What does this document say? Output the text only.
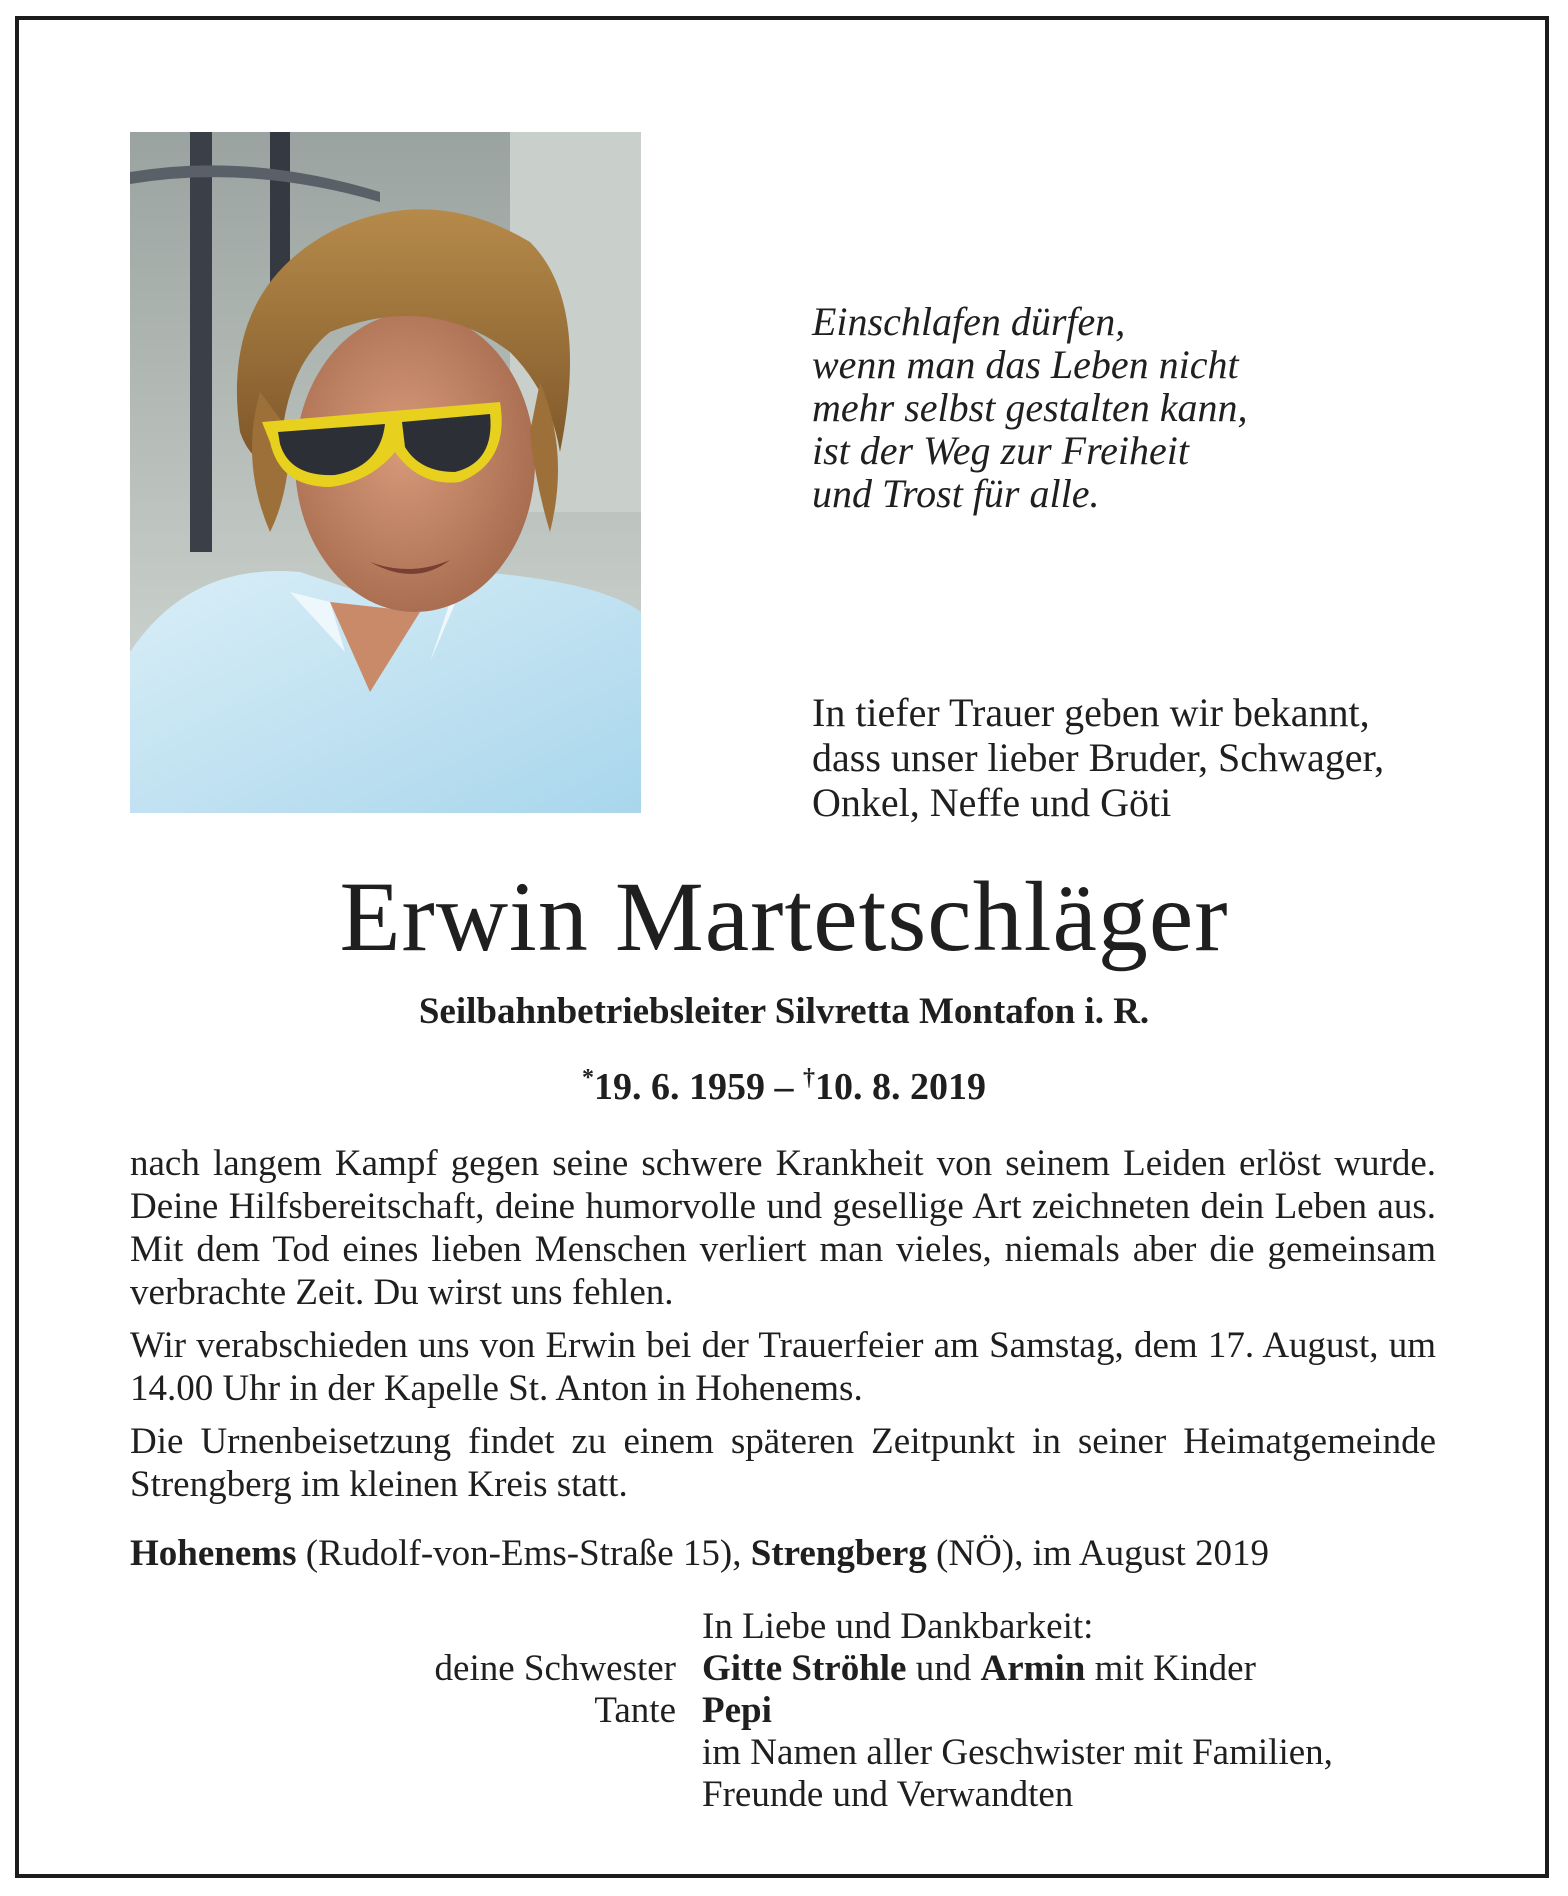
Einschlafen dürfen,
wenn man das Leben nicht
mehr selbst gestalten kann,
ist der Weg zur Freiheit
und Trost für alle.
In tiefer Trauer geben wir bekannt,
dass unser lieber Bruder, Schwager,
Onkel, Neffe und Göti
Erwin Martetschläger
Seilbahnbetriebsleiter Silvretta Montafon i. R.
*19. 6. 1959 – †10. 8. 2019

nach langem Kampf gegen seine schwere Krankheit von seinem Leiden erlöst wurde. Deine Hilfsbereitschaft, deine humorvolle und gesellige Art zeichneten dein Leben aus. Mit dem Tod eines lieben Menschen verliert man vieles, niemals aber die gemeinsam verbrachte Zeit. Du wirst uns fehlen.

Wir verabschieden uns von Erwin bei der Trauerfeier am Samstag, dem 17. August, um 14.00 Uhr in der Kapelle St. Anton in Hohenems.

Die Urnenbeisetzung findet zu einem späteren Zeitpunkt in seiner Heimatgemeinde Strengberg im kleinen Kreis statt.

Hohenems (Rudolf-von-Ems-Straße 15), Strengberg (NÖ), im August 2019
In Liebe und Dankbarkeit:
deine Schwester Gitte Ströhle und Armin mit Kinder
Tante Pepi
im Namen aller Geschwister mit Familien,
Freunde und Verwandten
